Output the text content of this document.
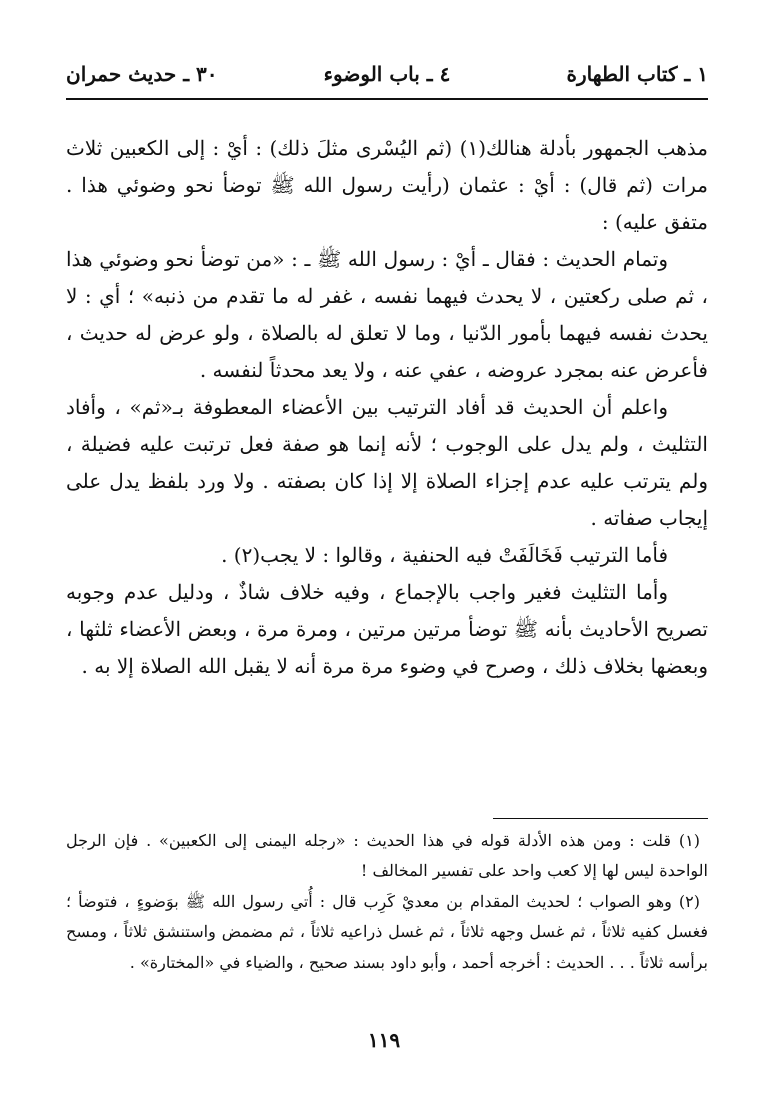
١ ـ كتاب الطهارة
٤ ـ باب الوضوء
٣٠ ـ حديث حمران

مذهب الجمهور بأدلة هنالك(١) (ثم اليُسْرى مثلَ ذلك) : أيْ : إلى الكعبين ثلاث مرات (ثم قال) : أيْ : عثمان (رأيت رسول الله ﷺ توضأ نحو وضوئي هذا . متفق عليه) :

وتمام الحديث : فقال ـ أيْ : رسول الله ﷺ ـ : «من توضأ نحو وضوئي هذا ، ثم صلى ركعتين ، لا يحدث فيهما نفسه ، غفر له ما تقدم من ذنبه» ؛ أي : لا يحدث نفسه فيهما بأمور الدّنيا ، وما لا تعلق له بالصلاة ، ولو عرض له حديث ، فأعرض عنه بمجرد عروضه ، عفي عنه ، ولا يعد محدثاً لنفسه .

واعلم أن الحديث قد أفاد الترتيب بين الأعضاء المعطوفة بـ«ثم» ، وأفاد التثليث ، ولم يدل على الوجوب ؛ لأنه إنما هو صفة فعل ترتبت عليه فضيلة ، ولم يترتب عليه عدم إجزاء الصلاة إلا إذا كان بصفته . ولا ورد بلفظ يدل على إيجاب صفاته .

فأما الترتيب فَخَالَفَتْ فيه الحنفية ، وقالوا : لا يجب(٢) .

وأما التثليث فغير واجب بالإجماع ، وفيه خلاف شاذٌ ، ودليل عدم وجوبه تصريح الأحاديث بأنه ﷺ توضأ مرتين مرتين ، ومرة مرة ، وبعض الأعضاء ثلثها ، وبعضها بخلاف ذلك ، وصرح في وضوء مرة مرة أنه لا يقبل الله الصلاة إلا به .

(١) قلت : ومن هذه الأدلة قوله في هذا الحديث : «رجله اليمنى إلى الكعبين» . فإن الرجل الواحدة ليس لها إلا كعب واحد على تفسير المخالف !

(٢) وهو الصواب ؛ لحديث المقدام بن معديْ كَرِب قال : أُتي رسول الله ﷺ بوَضوءٍ ، فتوضأ ؛ فغسل كفيه ثلاثاً ، ثم غسل وجهه ثلاثاً ، ثم غسل ذراعيه ثلاثاً ، ثم مضمض واستنشق ثلاثاً ، ومسح برأسه ثلاثاً . . . الحديث : أخرجه أحمد ، وأبو داود بسند صحيح ، والضياء في «المختارة» .

١١٩
